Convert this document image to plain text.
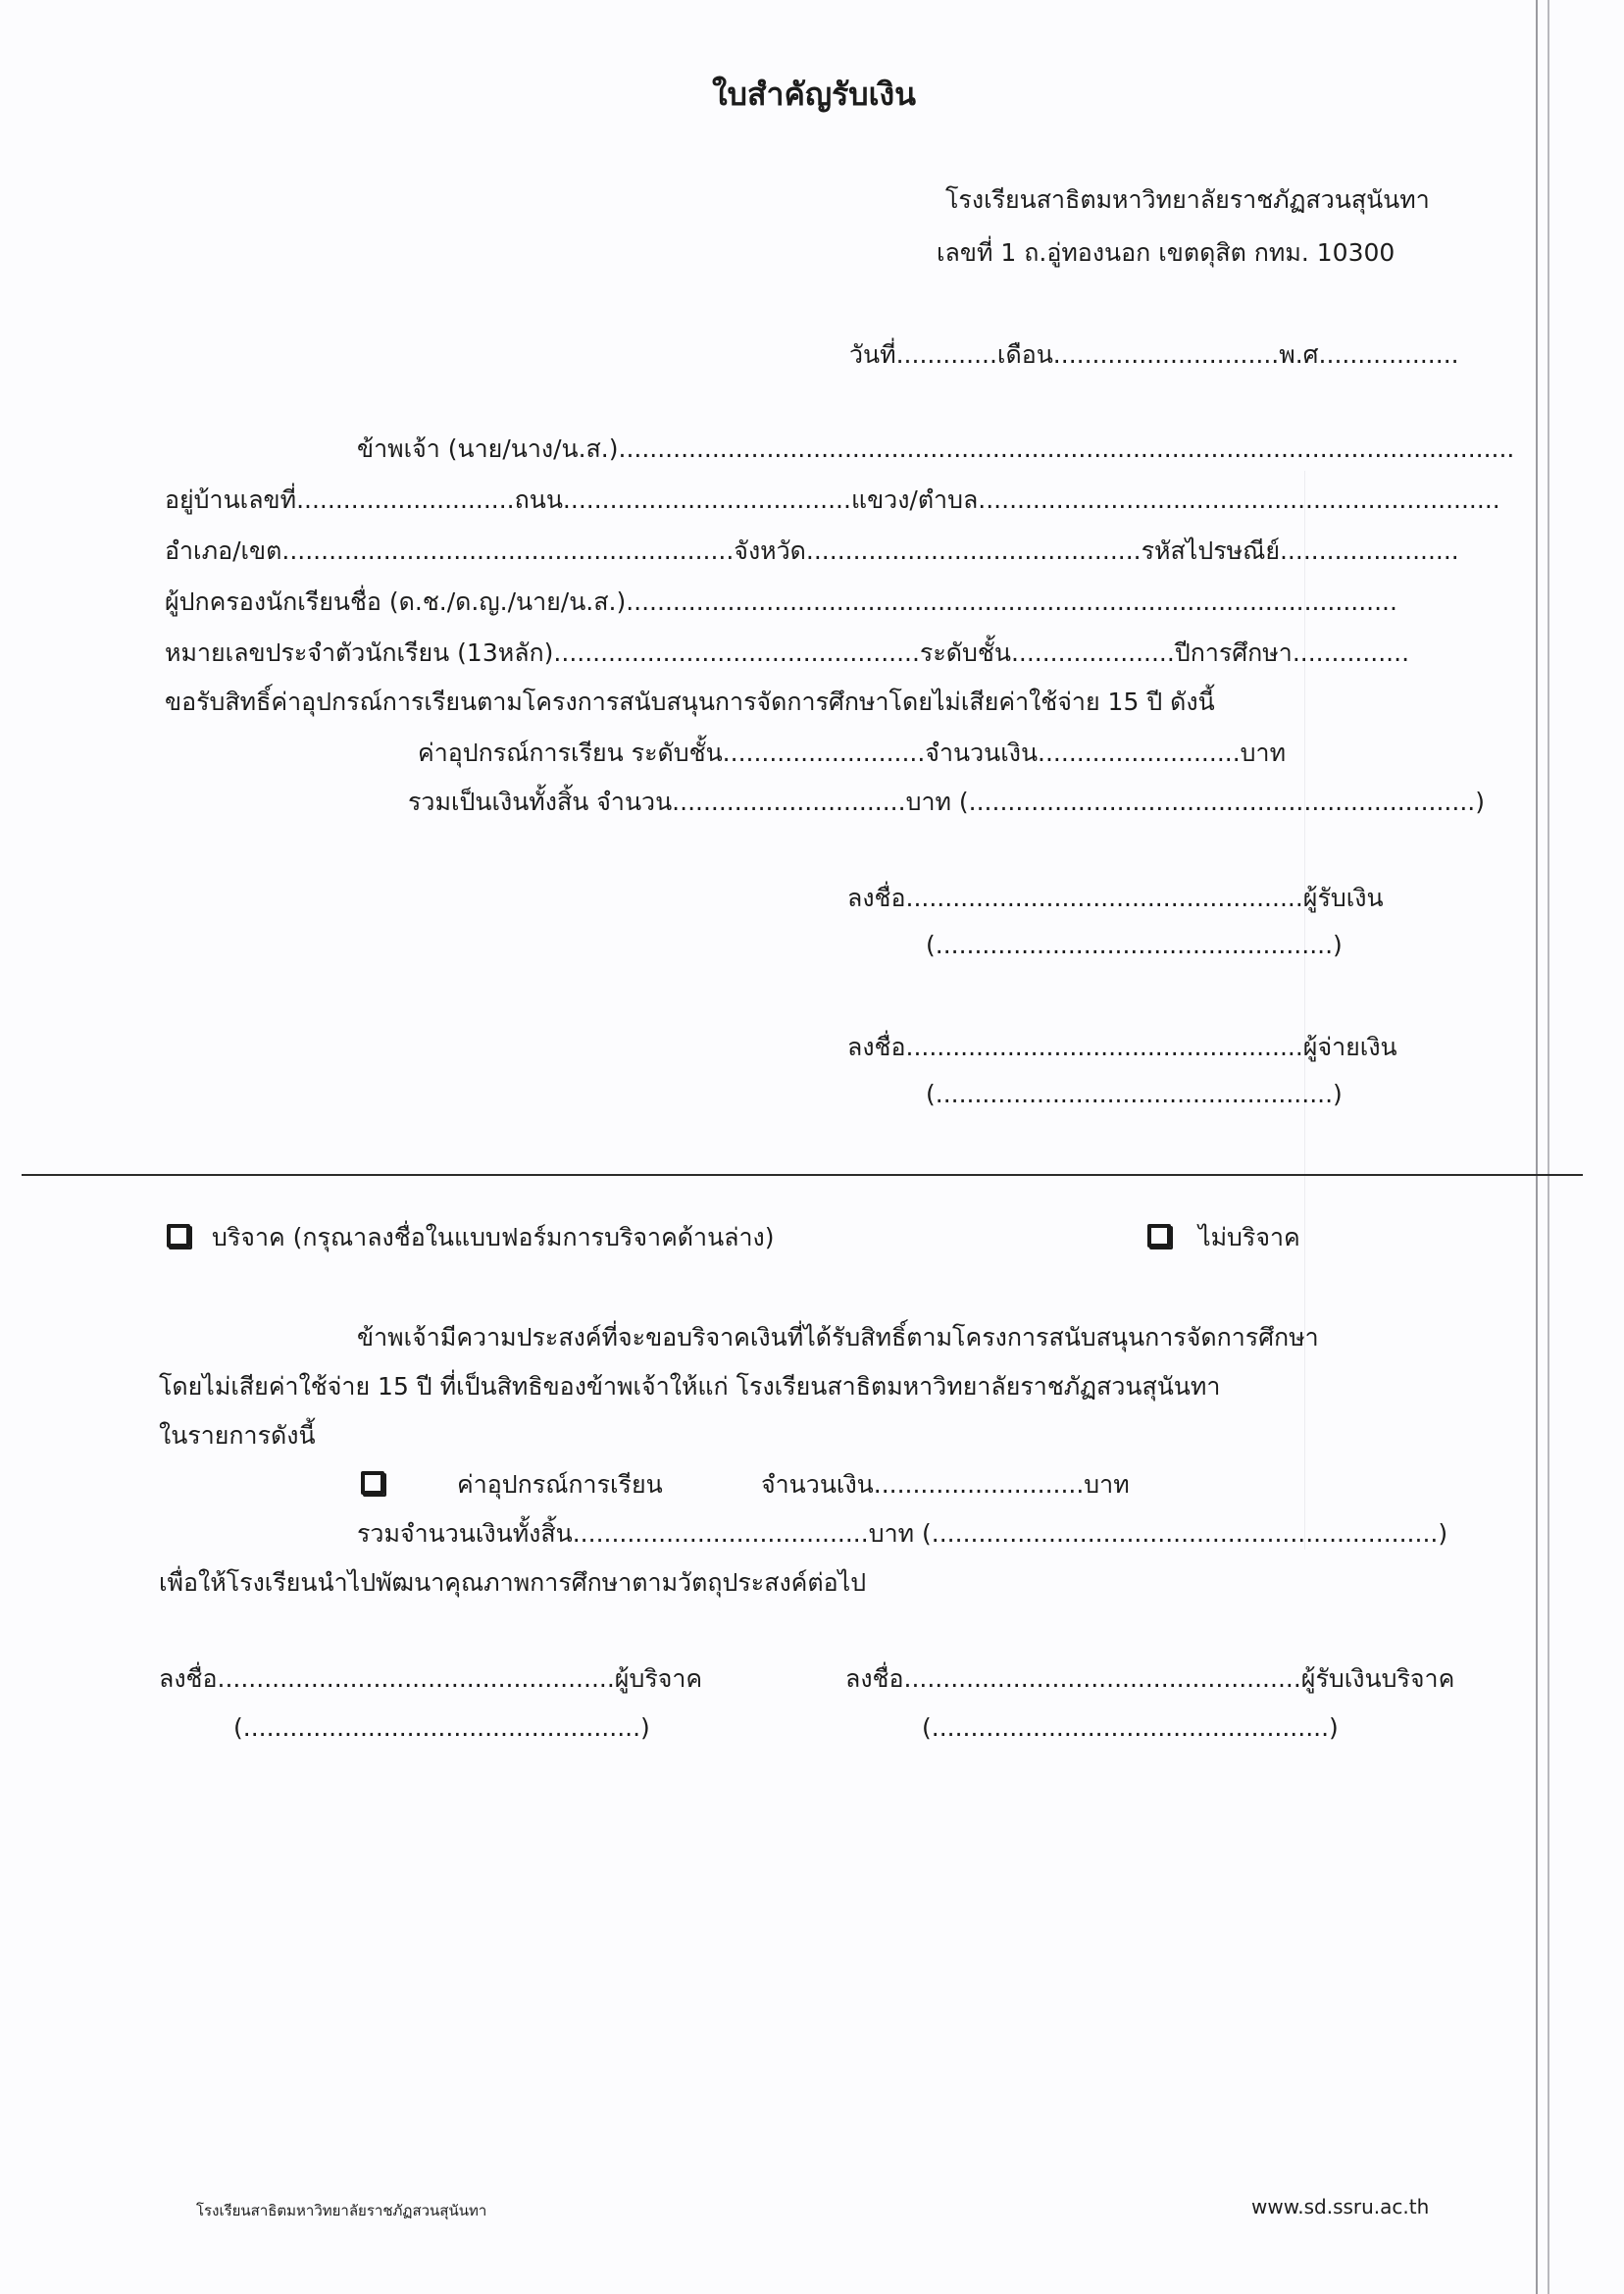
ใบสำคัญรับเงิน
โรงเรียนสาธิตมหาวิทยาลัยราชภัฏสวนสุนันทา
เลขที่ 1 ถ.อู่ทองนอก เขตดุสิต กทม. 10300
วันที่.............เดือน.............................พ.ศ..................
ข้าพเจ้า (นาย/นาง/น.ส.)...................................................................................................................
อยู่บ้านเลขที่............................ถนน.....................................แขวง/ตำบล...................................................................
อำเภอ/เขต..........................................................จังหวัด...........................................รหัสไปรษณีย์.......................
ผู้ปกครองนักเรียนชื่อ (ด.ช./ด.ญ./นาย/น.ส.)...................................................................................................
หมายเลขประจำตัวนักเรียน (13หลัก)...............................................ระดับชั้น.....................ปีการศึกษา...............
ขอรับสิทธิ์ค่าอุปกรณ์การเรียนตามโครงการสนับสนุนการจัดการศึกษาโดยไม่เสียค่าใช้จ่าย 15 ปี ดังนี้
ค่าอุปกรณ์การเรียน ระดับชั้น..........................จำนวนเงิน..........................บาท
รวมเป็นเงินทั้งสิ้น จำนวน..............................บาท (.................................................................)
ลงชื่อ...................................................ผู้รับเงิน
(...................................................)
ลงชื่อ...................................................ผู้จ่ายเงิน
(...................................................)
บริจาค (กรุณาลงชื่อในแบบฟอร์มการบริจาคด้านล่าง)	ไม่บริจาค
ข้าพเจ้ามีความประสงค์ที่จะขอบริจาคเงินที่ได้รับสิทธิ์ตามโครงการสนับสนุนการจัดการศึกษา
โดยไม่เสียค่าใช้จ่าย 15 ปี ที่เป็นสิทธิของข้าพเจ้าให้แก่ โรงเรียนสาธิตมหาวิทยาลัยราชภัฏสวนสุนันทา
ในรายการดังนี้
ค่าอุปกรณ์การเรียน	จำนวนเงิน...........................บาท
รวมจำนวนเงินทั้งสิ้น......................................บาท (.................................................................)
เพื่อให้โรงเรียนนำไปพัฒนาคุณภาพการศึกษาตามวัตถุประสงค์ต่อไป
ลงชื่อ...................................................ผู้บริจาค
(...................................................)
ลงชื่อ...................................................ผู้รับเงินบริจาค
(...................................................)
โรงเรียนสาธิตมหาวิทยาลัยราชภัฏสวนสุนันทา	www.sd.ssru.ac.th
